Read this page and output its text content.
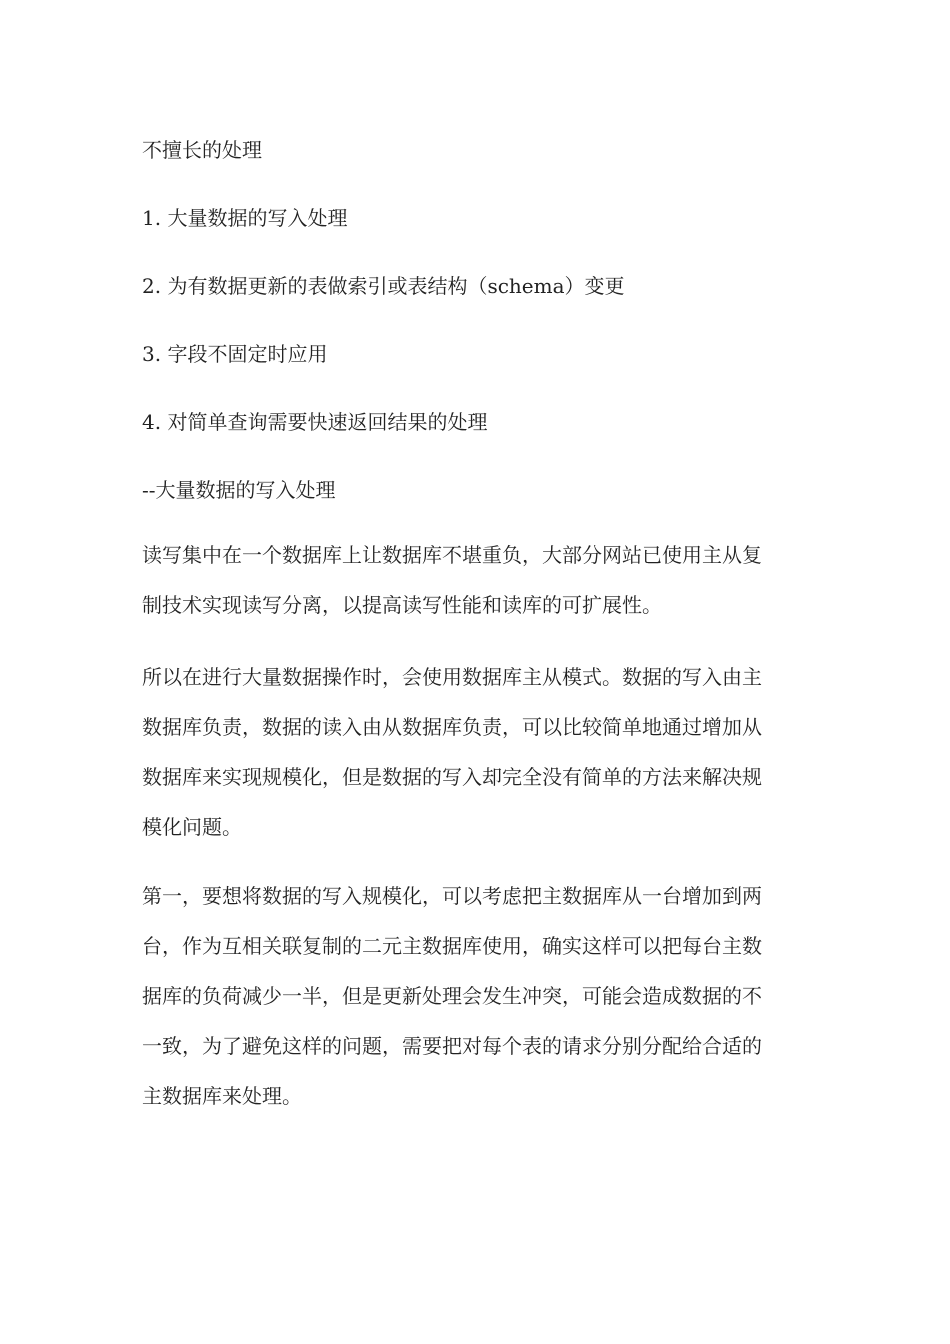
不擅长的处理
1. 大量数据的写入处理
2. 为有数据更新的表做索引或表结构（schema）变更
3. 字段不固定时应用
4. 对简单查询需要快速返回结果的处理
--大量数据的写入处理
读写集中在一个数据库上让数据库不堪重负，大部分网站已使用主从复
制技术实现读写分离，以提高读写性能和读库的可扩展性。
所以在进行大量数据操作时，会使用数据库主从模式。数据的写入由主
数据库负责，数据的读入由从数据库负责，可以比较简单地通过增加从
数据库来实现规模化，但是数据的写入却完全没有简单的方法来解决规
模化问题。
第一，要想将数据的写入规模化，可以考虑把主数据库从一台增加到两
台，作为互相关联复制的二元主数据库使用，确实这样可以把每台主数
据库的负荷减少一半，但是更新处理会发生冲突，可能会造成数据的不
一致，为了避免这样的问题，需要把对每个表的请求分别分配给合适的
主数据库来处理。
